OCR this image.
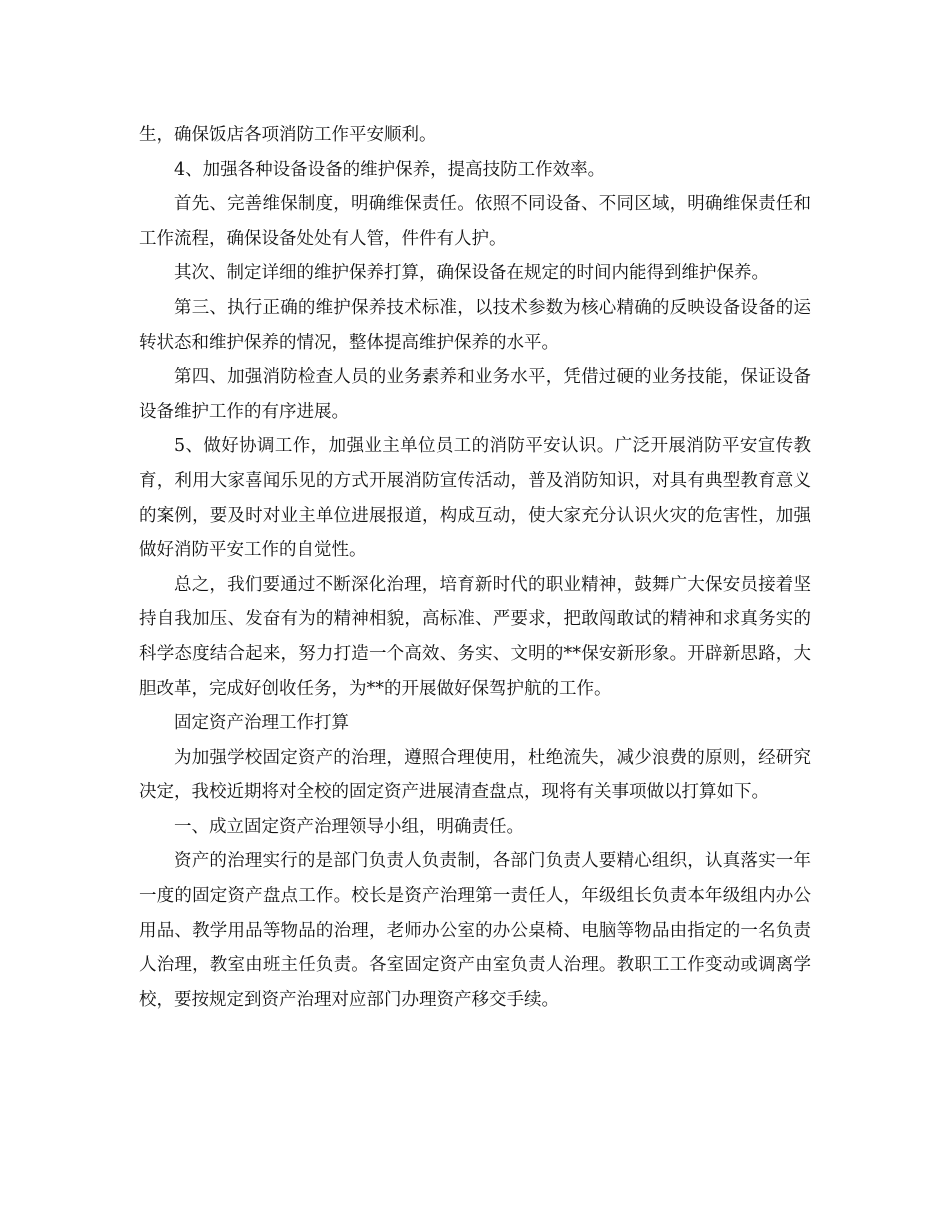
生，确保饭店各项消防工作平安顺利。

4、加强各种设备设备的维护保养，提高技防工作效率。

首先、完善维保制度，明确维保责任。依照不同设备、不同区域，明确维保责任和工作流程，确保设备处处有人管，件件有人护。

其次、制定详细的维护保养打算，确保设备在规定的时间内能得到维护保养。

第三、执行正确的维护保养技术标准，以技术参数为核心精确的反映设备设备的运转状态和维护保养的情况，整体提高维护保养的水平。

第四、加强消防检查人员的业务素养和业务水平，凭借过硬的业务技能，保证设备设备维护工作的有序进展。

5、做好协调工作，加强业主单位员工的消防平安认识。广泛开展消防平安宣传教育，利用大家喜闻乐见的方式开展消防宣传活动，普及消防知识，对具有典型教育意义的案例，要及时对业主单位进展报道，构成互动，使大家充分认识火灾的危害性，加强做好消防平安工作的自觉性。

总之，我们要通过不断深化治理，培育新时代的职业精神，鼓舞广大保安员接着坚持自我加压、发奋有为的精神相貌，高标准、严要求，把敢闯敢试的精神和求真务实的科学态度结合起来，努力打造一个高效、务实、文明的**保安新形象。开辟新思路，大胆改革，完成好创收任务，为**的开展做好保驾护航的工作。

固定资产治理工作打算

为加强学校固定资产的治理，遵照合理使用，杜绝流失，减少浪费的原则，经研究决定，我校近期将对全校的固定资产进展清查盘点，现将有关事项做以打算如下。

一、成立固定资产治理领导小组，明确责任。

资产的治理实行的是部门负责人负责制，各部门负责人要精心组织，认真落实一年一度的固定资产盘点工作。校长是资产治理第一责任人，年级组长负责本年级组内办公用品、教学用品等物品的治理，老师办公室的办公桌椅、电脑等物品由指定的一名负责人治理，教室由班主任负责。各室固定资产由室负责人治理。教职工工作变动或调离学校，要按规定到资产治理对应部门办理资产移交手续。
